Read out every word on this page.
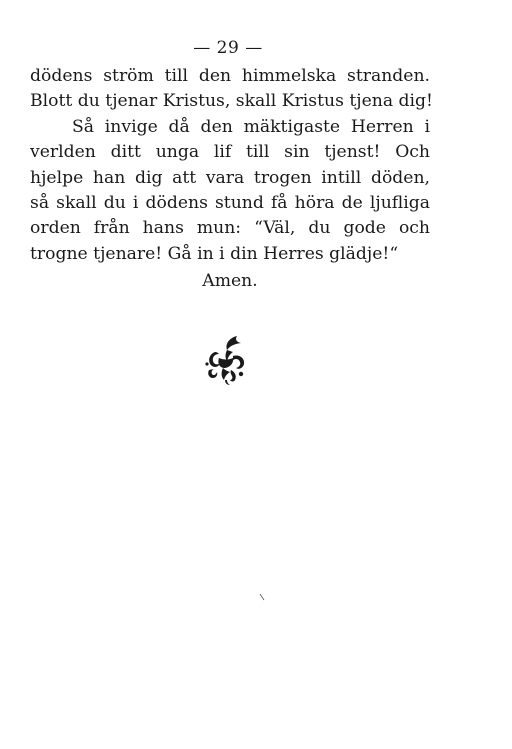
— 29 —
dödens ström till den himmelska stranden.
Blott du tjenar Kristus, skall Kristus tjena dig!
Så invige då den mäktigaste Herren i
verlden ditt unga lif till sin tjenst! Och
hjelpe han dig att vara trogen intill döden,
så skall du i dödens stund få höra de ljufliga
orden från hans mun: “Väl, du gode och
trogne tjenare! Gå in i din Herres glädje!“
Amen.
